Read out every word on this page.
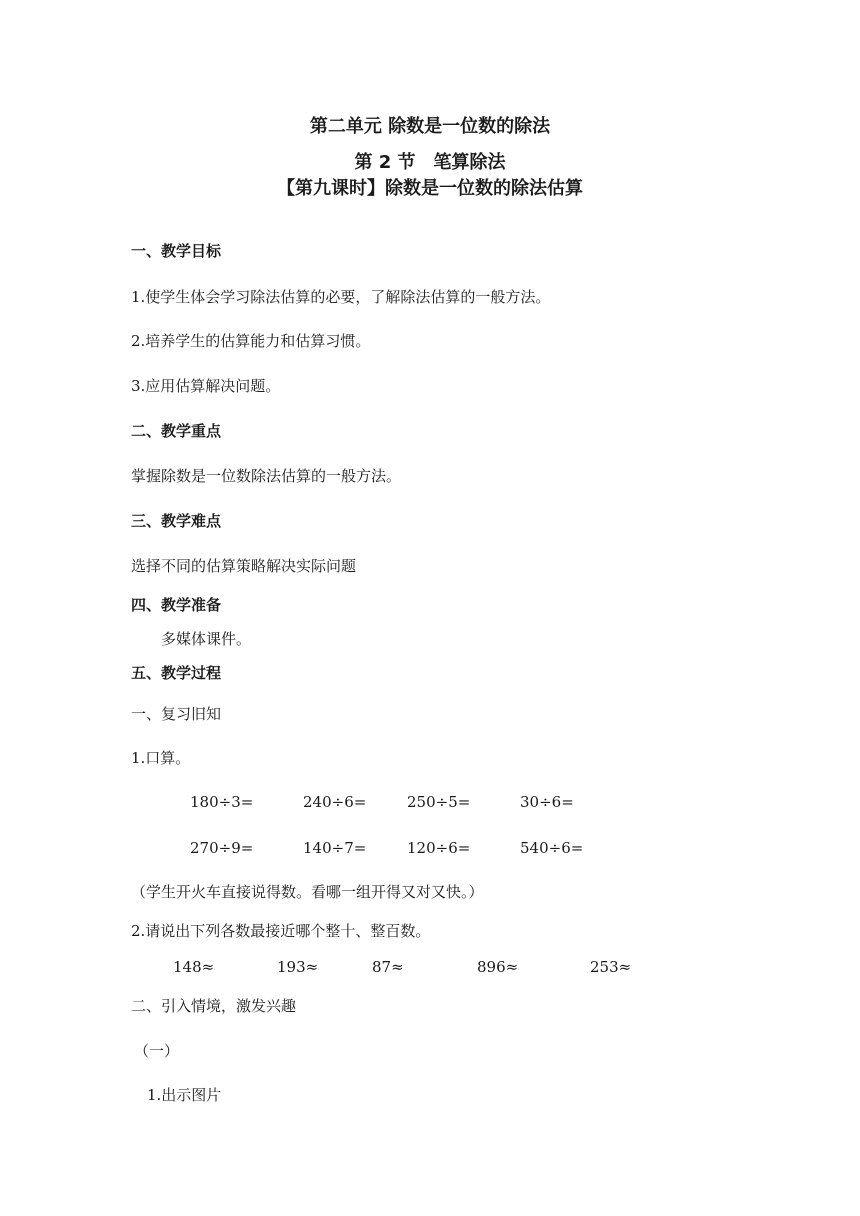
第二单元 除数是一位数的除法
第 2 节　笔算除法
【第九课时】除数是一位数的除法估算
一、教学目标
1.使学生体会学习除法估算的必要，了解除法估算的一般方法。
2.培养学生的估算能力和估算习惯。
3.应用估算解决问题。
二、教学重点
掌握除数是一位数除法估算的一般方法。
三、教学难点
选择不同的估算策略解决实际问题
四、教学准备
多媒体课件。
五、教学过程
一、复习旧知
1.口算。
180÷3=	240÷6=	250÷5=	30÷6=
270÷9=	140÷7=	120÷6=	540÷6=
（学生开火车直接说得数。看哪一组开得又对又快。）
2.请说出下列各数最接近哪个整十、整百数。
148≈	193≈	87≈	896≈	253≈
二、引入情境，激发兴趣
（一）
1.出示图片
